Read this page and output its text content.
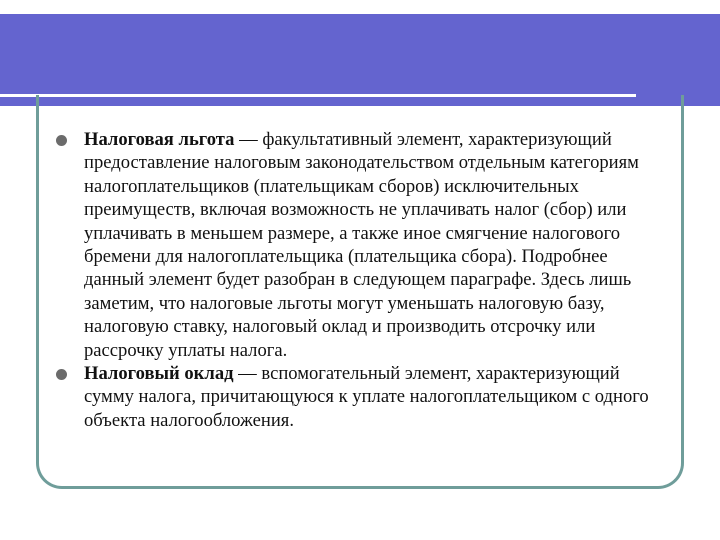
Налоговая льгота — факультативный элемент, характеризующий предоставление налоговым законодательством отдельным категориям налогоплательщиков (плательщикам сборов) исключительных преимуществ, включая возможность не уплачивать налог (сбор) или уплачивать в меньшем размере, а также иное смягчение налогового бремени для налогоплательщика (плательщика сбора). Подробнее данный элемент будет разобран в следующем параграфе. Здесь лишь заметим, что налоговые льготы могут уменьшать налоговую базу, налоговую ставку, налоговый оклад и производить отсрочку или рассрочку уплаты налога.
Налоговый оклад — вспомогательный элемент, характеризующий сумму налога, причитающуюся к уплате налогоплательщиком с одного объекта налогообложения.
